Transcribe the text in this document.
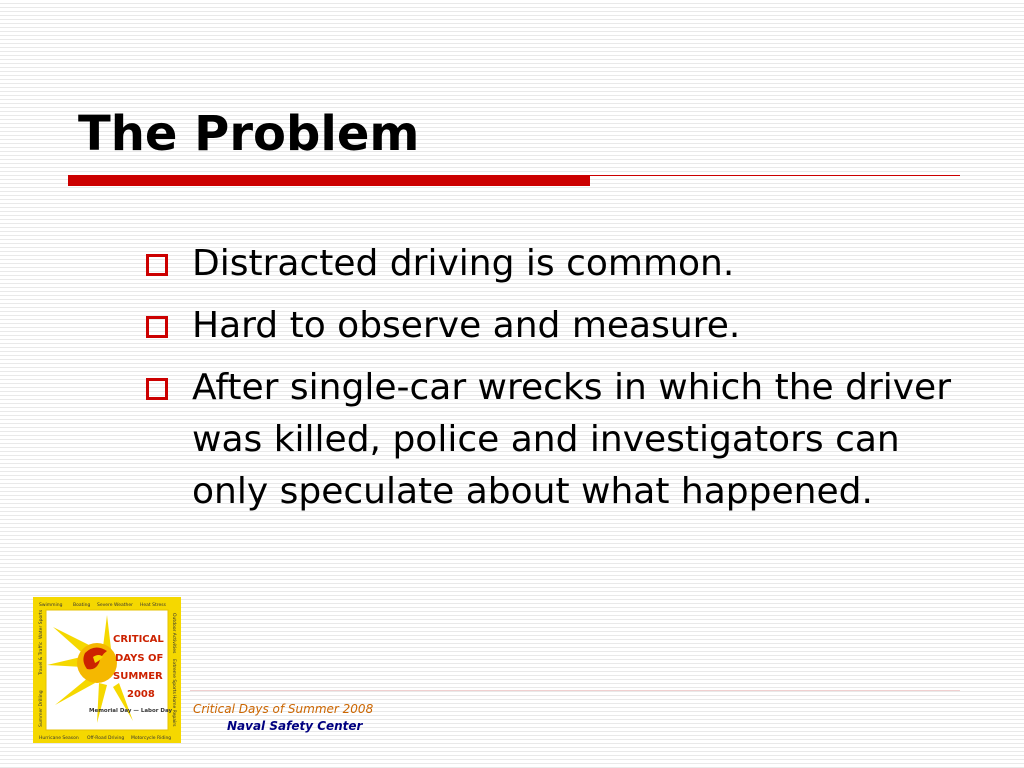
The Problem
Distracted driving is common.
Hard to observe and measure.
After single-car wrecks in which the driver was killed, police and investigators can only speculate about what happened.
Swimming Boating Severe Weather Heat Stress
Hurricane Season Off-Road Driving Motorcycle Riding
Summer Drilling
Travel & Traffic
Water Sports	Outdoor Activities
Extreme Sports
Home Repairs
CRITICAL
DAYS OF
SUMMER
2008
Memorial Day — Labor Day Critical Days of Summer 2008
Naval Safety Center
